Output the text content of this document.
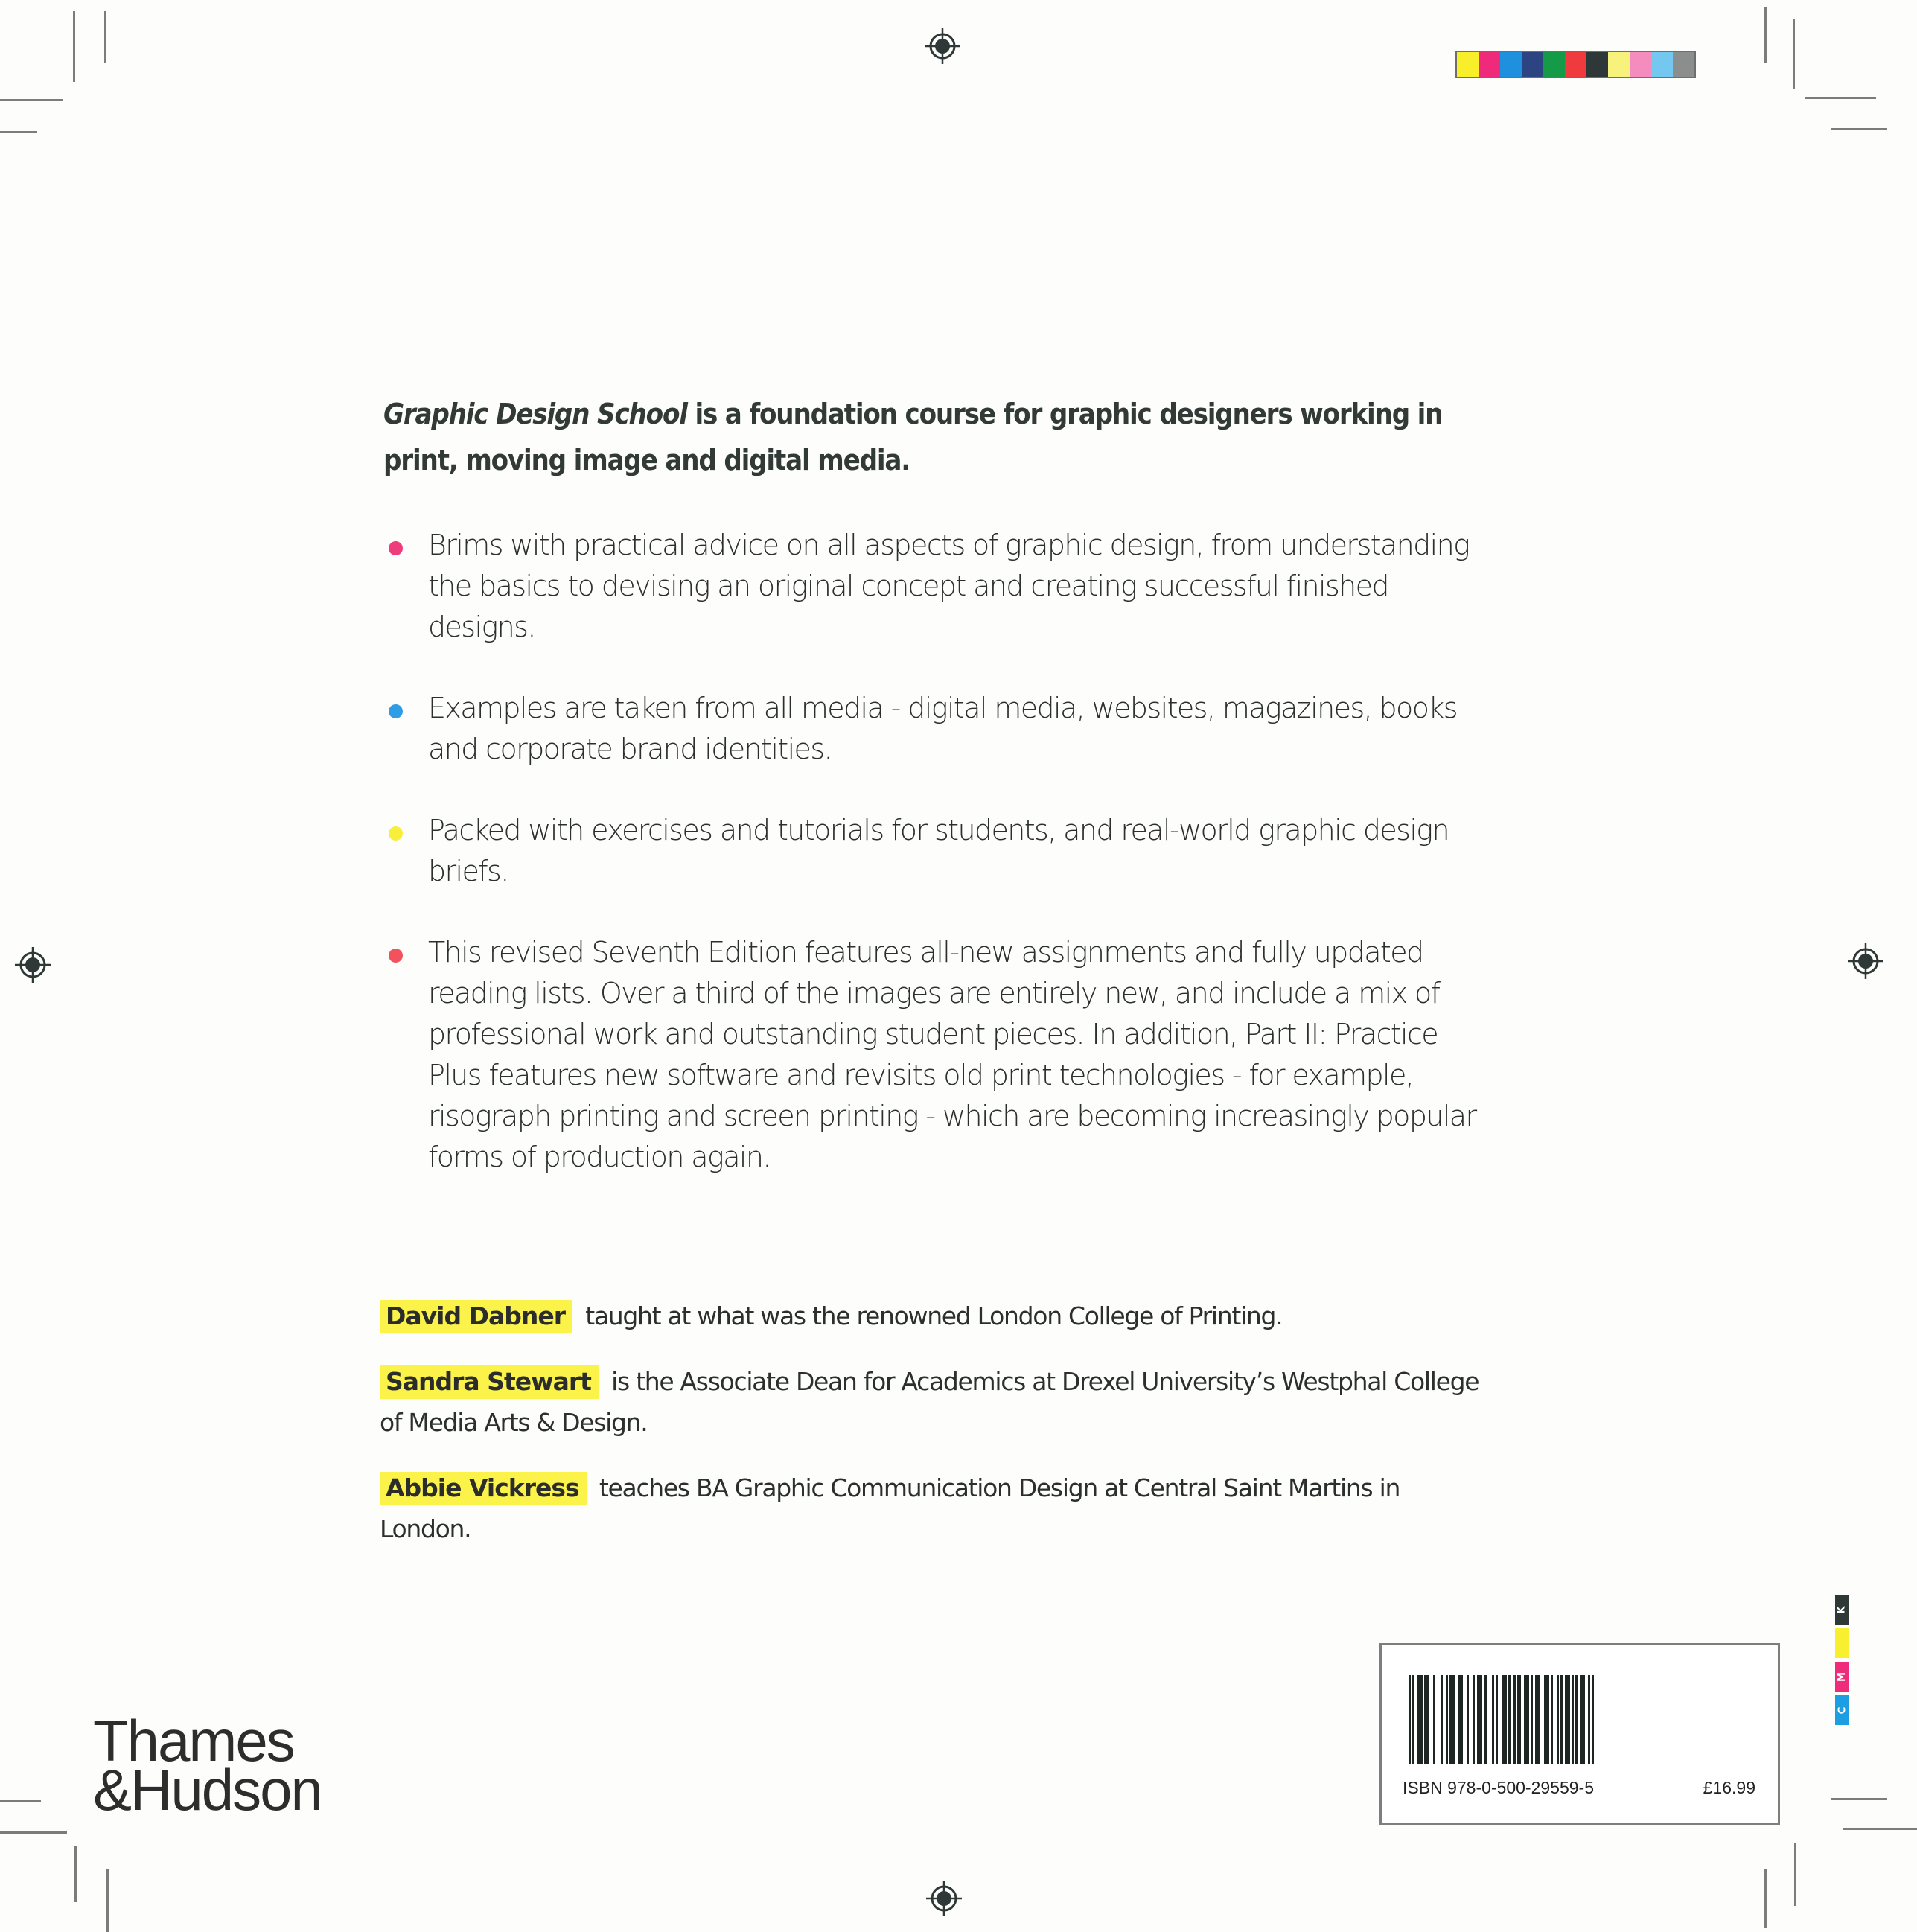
Graphic Design School is a foundation course for graphic designers working in print, moving image and digital media.

Brims with practical advice on all aspects of graphic design, from understanding the basics to devising an original concept and creating successful finished designs.
Examples are taken from all media - digital media, websites, magazines, books and corporate brand identities.
Packed with exercises and tutorials for students, and real-world graphic design briefs.
This revised Seventh Edition features all-new assignments and fully updated reading lists. Over a third of the images are entirely new, and include a mix of professional work and outstanding student pieces. In addition, Part II: Practice Plus features new software and revisits old print technologies - for example, risograph printing and screen printing - which are becoming increasingly popular forms of production again.

David Dabner taught at what was the renowned London College of Printing.

Sandra Stewart is the Associate Dean for Academics at Drexel University’s Westphal College of Media Arts & Design.

Abbie Vickress teaches BA Graphic Communication Design at Central Saint Martins in London.

Thames
&Hudson	ISBN 978-0-500-29559-5	£16.99
K
M
C
